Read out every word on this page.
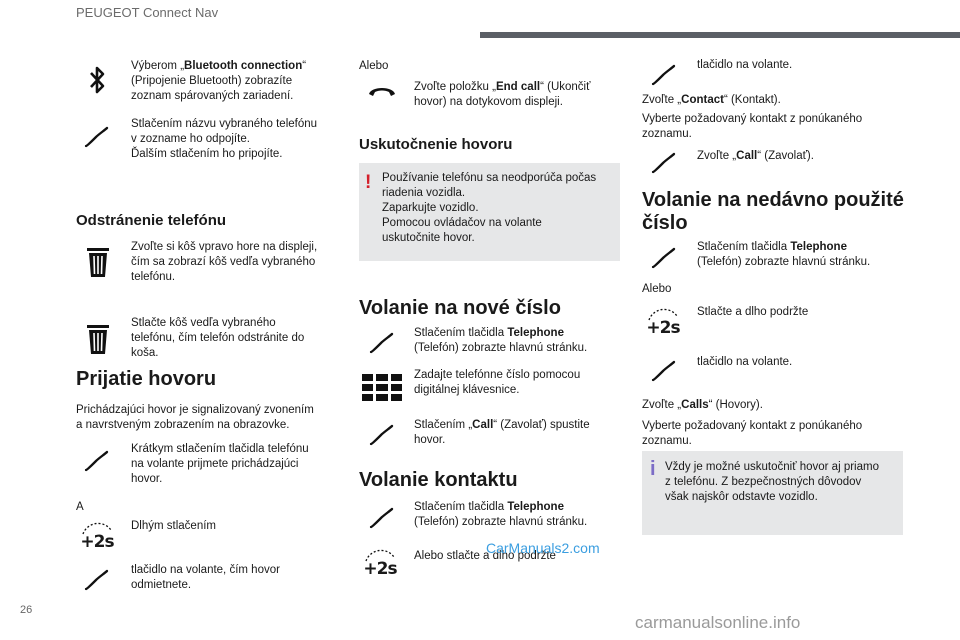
PEUGEOT Connect Nav
26
carmanualsonline.info
Výberom „Bluetooth connection“
(Pripojenie Bluetooth) zobrazíte
zoznam spárovaných zariadení.
Stlačením názvu vybraného telefónu
v zozname ho odpojíte.
Ďalším stlačením ho pripojíte.
Odstránenie telefónu
Zvoľte si kôš vpravo hore na displeji,
čím sa zobrazí kôš vedľa vybraného
telefónu.
Stlačte kôš vedľa vybraného
telefónu, čím telefón odstránite do
koša.
Prijatie hovoru
Prichádzajúci hovor je signalizovaný zvonením
a navrstveným zobrazením na obrazovke.
Krátkym stlačením tlačidla telefónu
na volante prijmete prichádzajúci
hovor.
A
+2s
Dlhým stlačením
tlačidlo na volante, čím hovor
odmietnete.
Alebo
Zvoľte položku „End call“ (Ukončiť
hovor) na dotykovom displeji.
Uskutočnenie hovoru
! Používanie telefónu sa neodporúča počas
riadenia vozidla.
Zaparkujte vozidlo.
Pomocou ovládačov na volante
uskutočnite hovor.
Volanie na nové číslo
Stlačením tlačidla Telephone
(Telefón) zobrazte hlavnú stránku.
Zadajte telefónne číslo pomocou
digitálnej klávesnice.
Stlačením „Call“ (Zavolať) spustite
hovor.
Volanie kontaktu
Stlačením tlačidla Telephone
(Telefón) zobrazte hlavnú stránku.
+2s
Alebo stlačte a dlho podržte
CarManuals2.com
tlačidlo na volante.
Zvoľte „Contact“ (Kontakt).
Vyberte požadovaný kontakt z ponúkaného
zoznamu.
Zvoľte „Call“ (Zavolať).
Volanie na nedávno použité
číslo
Stlačením tlačidla Telephone
(Telefón) zobrazte hlavnú stránku.
Alebo
+2s
Stlačte a dlho podržte
tlačidlo na volante.
Zvoľte „Calls“ (Hovory).
Vyberte požadovaný kontakt z ponúkaného
zoznamu.
i Vždy je možné uskutočniť hovor aj priamo
z telefónu. Z bezpečnostných dôvodov
však najskôr odstavte vozidlo.
